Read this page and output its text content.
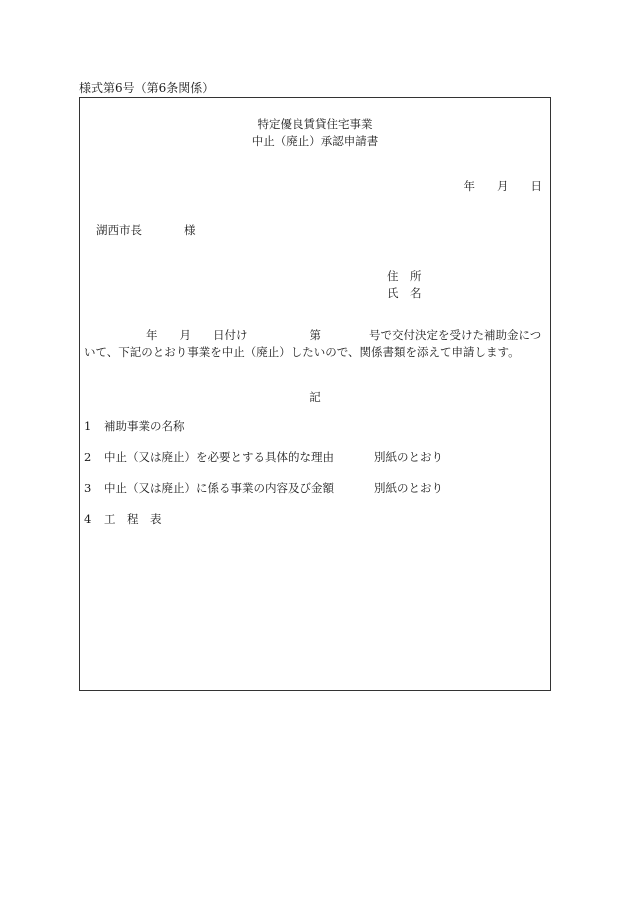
様式第6号（第6条関係）
特定優良賃貸住宅事業
中止（廃止）承認申請書
年 月 日
湖西市長	様
住　所
氏　名
年 月 日付け	第	号で交付決定を受けた補助金につ
いて、下記のとおり事業を中止（廃止）したいので、関係書類を添えて申請します。
記
1 補助事業の名称
2 中止（又は廃止）を必要とする具体的な理由	別紙のとおり
3 中止（又は廃止）に係る事業の内容及び金額	別紙のとおり
4 工　程　表
